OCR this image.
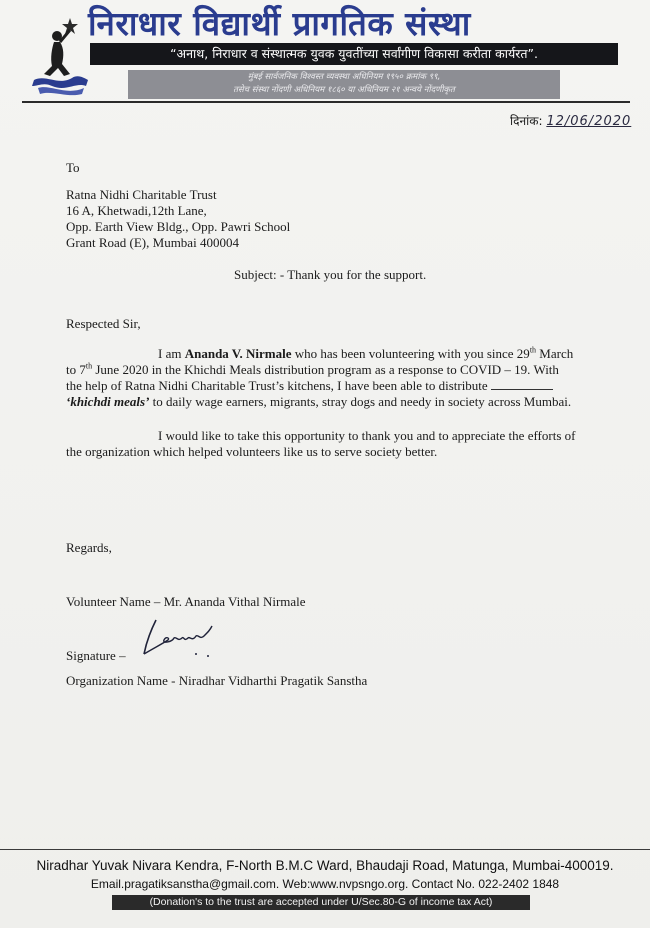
निराधार विद्यार्थी प्रागतिक संस्था
“अनाथ, निराधार व संस्थात्मक युवक युवतींच्या सर्वांगीण विकासा करीता कार्यरत”.
मुंबई सार्वजनिक विश्वस्त व्यवस्था अधिनियम १९५० क्रमांक ९९,
तसेच संस्था नोंदणी अधिनियम १८६० या अधिनियम २१ अन्वये नोंदणीकृत
दिनांक: 12/06/2020
To
Ratna Nidhi Charitable Trust
16 A, Khetwadi,12th Lane,
Opp. Earth View Bldg., Opp. Pawri School
Grant Road (E), Mumbai 400004
Subject: - Thank you for the support.
Respected Sir,
I am Ananda V. Nirmale who has been volunteering with you since 29th March
to 7th June 2020 in the Khichdi Meals distribution program as a response to COVID – 19. With
the help of Ratna Nidhi Charitable Trust’s kitchens, I have been able to distribute
‘khichdi meals’ to daily wage earners, migrants, stray dogs and needy in society across Mumbai.
I would like to take this opportunity to thank you and to appreciate the efforts of
the organization which helped volunteers like us to serve society better.
Regards,
Volunteer Name – Mr. Ananda Vithal Nirmale
Signature –
Organization Name - Niradhar Vidharthi Pragatik Sanstha
Niradhar Yuvak Nivara Kendra, F-North B.M.C Ward, Bhaudaji Road, Matunga, Mumbai-400019.
Email.pragatiksanstha@gmail.com. Web:www.nvpsngo.org. Contact No. 022-2402 1848
(Donation's to the trust are accepted under U/Sec.80-G of income tax Act)
